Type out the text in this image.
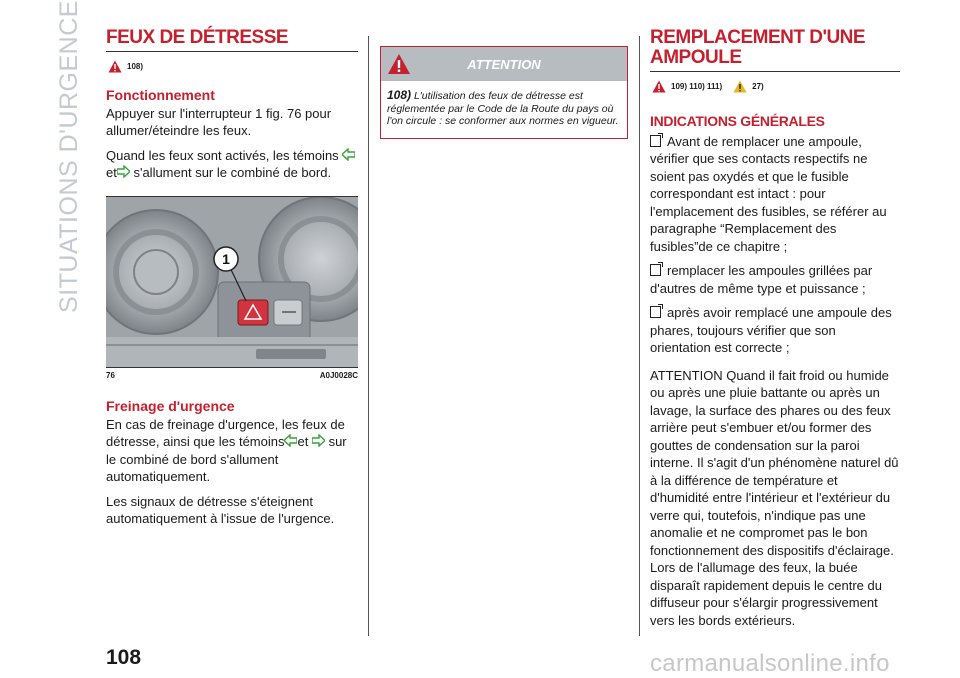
SITUATIONS D'URGENCE FEUX DE DÉTRESSE
108)
Fonctionnement

Appuyer sur l'interrupteur 1 fig. 76 pour allumer/éteindre les feux.

Quand les feux sont activés, les témoins et s'allument sur le combiné de bord.

1
76	A0J0028C
Freinage d'urgence

En cas de freinage d'urgence, les feux de détresse, ainsi que les témoins et sur le combiné de bord s'allument automatiquement.

Les signaux de détresse s'éteignent automatiquement à l'issue de l'urgence.

ATTENTION
108) L'utilisation des feux de détresse est réglementée par le Code de la Route du pays où l'on circule : se conformer aux normes en vigueur.
REMPLACEMENT D'UNE AMPOULE
109) 110) 111)	27)
INDICATIONS GÉNÉRALES

Avant de remplacer une ampoule, vérifier que ses contacts respectifs ne soient pas oxydés et que le fusible correspondant est intact : pour l'emplacement des fusibles, se référer au paragraphe “Remplacement des fusibles”de ce chapitre ;

remplacer les ampoules grillées par d'autres de même type et puissance ;

après avoir remplacé une ampoule des phares, toujours vérifier que son orientation est correcte ;

ATTENTION Quand il fait froid ou humide ou après une pluie battante ou après un lavage, la surface des phares ou des feux arrière peut s'embuer et/ou former des gouttes de condensation sur la paroi interne. Il s'agit d'un phénomène naturel dû à la différence de température et d'humidité entre l'intérieur et l'extérieur du verre qui, toutefois, n'indique pas une anomalie et ne compromet pas le bon fonctionnement des dispositifs d'éclairage. Lors de l'allumage des feux, la buée disparaît rapidement depuis le centre du diffuseur pour s'élargir progressivement vers les bords extérieurs.

108	carmanualsonline.info
